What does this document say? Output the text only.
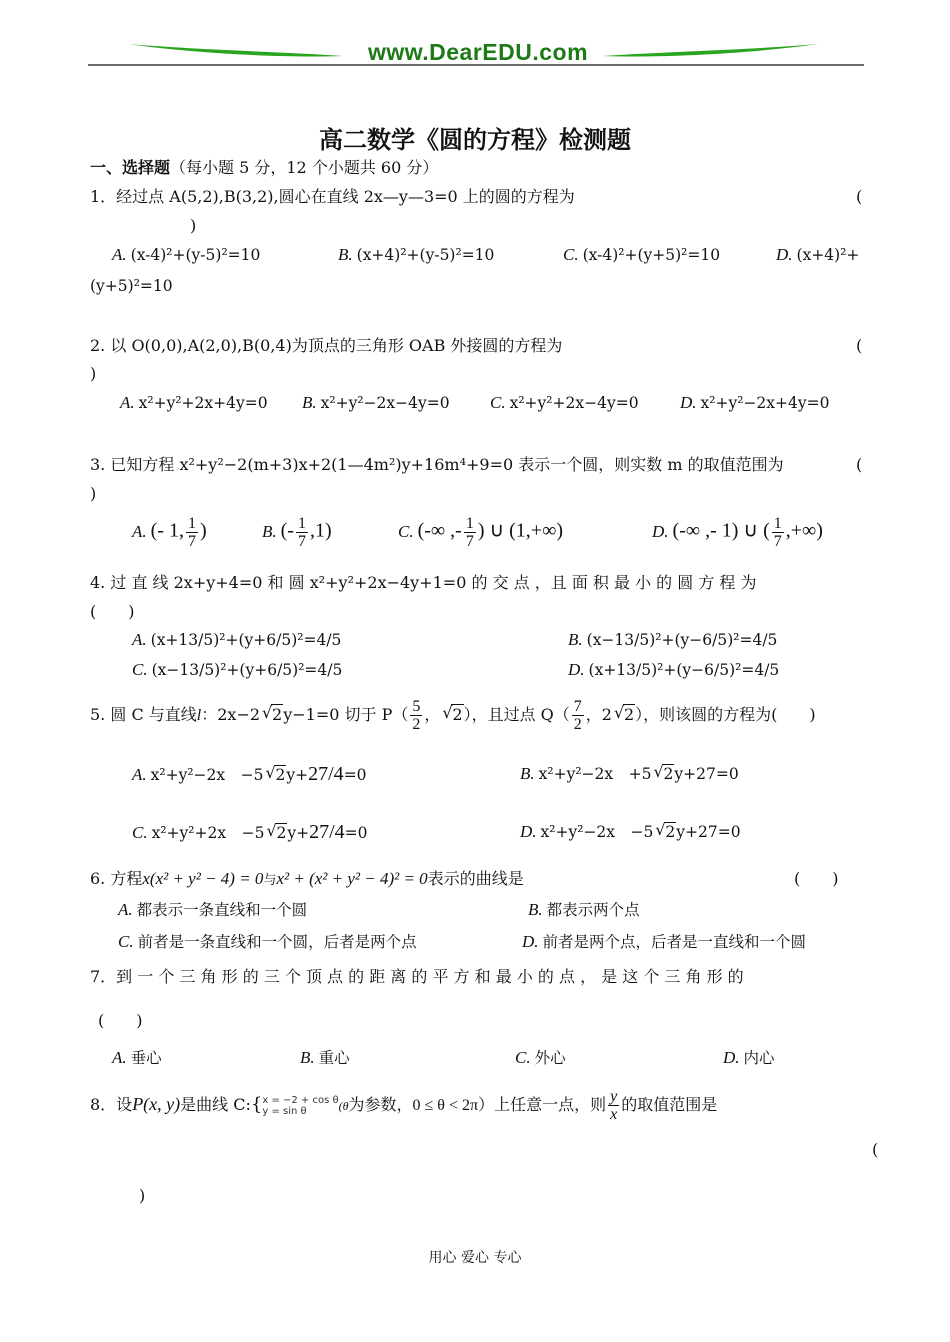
www.DearEDU.com
高二数学《圆的方程》检测题
一、选择题（每小题 5 分，12 个小题共 60 分）
1．经过点 A(5,2),B(3,2),圆心在直线 2x—y—3=0 上的圆的方程为	(
)
A. (x-4)²+(y-5)²=10	B. (x+4)²+(y-5)²=10	C. (x-4)²+(y+5)²=10	D. (x+4)²+
(y+5)²=10
2. 以 O(0,0),A(2,0),B(0,4)为顶点的三角形 OAB 外接圆的方程为	(
)
A. x²+y²+2x+4y=0 B. x²+y²−2x−4y=0 C. x²+y²+2x−4y=0 D. x²+y²−2x+4y=0
3. 已知方程 x²+y²−2(m+3)x+2(1—4m²)y+16m⁴+9=0 表示一个圆，则实数 m 的取值范围为	(
)
A. (- 1, $\frac{1}{7}$ )	B. (- $\frac{1}{7} ,1$)	C. (-∞ ,- $\frac{1}{7}$ ) ∪ (1,+∞)	D. (-∞ ,- 1) ∪ ( $\frac{1}{7}$ ,+∞)
4. 过 直 线 2x+y+4=0 和 圆 x²+y²+2x−4y+1=0 的 交 点 ，且 面 积 最 小 的 圆 方 程 为
(　　)
A. (x+13/5)²+(y+6/5)²=4/5	B. (x−13/5)²+(y−6/5)²=4/5
C. (x−13/5)²+(y+6/5)²=4/5	D. (x+13/5)²+(y−6/5)²=4/5
5. 圆 C 与直线l：2x−2 √ 2y−1=0 切于 $P( \frac{5}{2}$ ， √ 2），且过点 $Q( \frac{7}{2}$ ，2 √ 2），则该圆的方程为(　　)
A. x²+y²−2x　−5 √ 2y+27/4=0	B. x²+y²−2x　+5 √ 2y+27=0
C. x²+y²+2x　−5 √ 2y+27/4=0	D. x²+y²−2x　−5 √ 2y+27=0
6. 方程x(x² + y² − 4) = 0与x² + (x² + y² − 4)² = 0表示的曲线是	(　　)
A. 都表示一条直线和一个圆	B. 都表示两个点
C. 前者是一条直线和一个圆，后者是两个点	D. 前者是两个点，后者是一直线和一个圆
7．到 一 个 三 角 形 的 三 个 顶 点 的 距 离 的 平 方 和 最 小 的 点 ， 是 这 个 三 角 形 的
(　　)
A. 垂心	B. 重心	C. 外心	D. 内心
8．设P(x, y)是曲线 C:{ x = −2 + cos θ
y = sin θ	(θ为参数，0 ≤ θ < 2π）上任意一点，则 $\frac{y}{x}$ 的取值范围是
(
)
用心 爱心 专心
